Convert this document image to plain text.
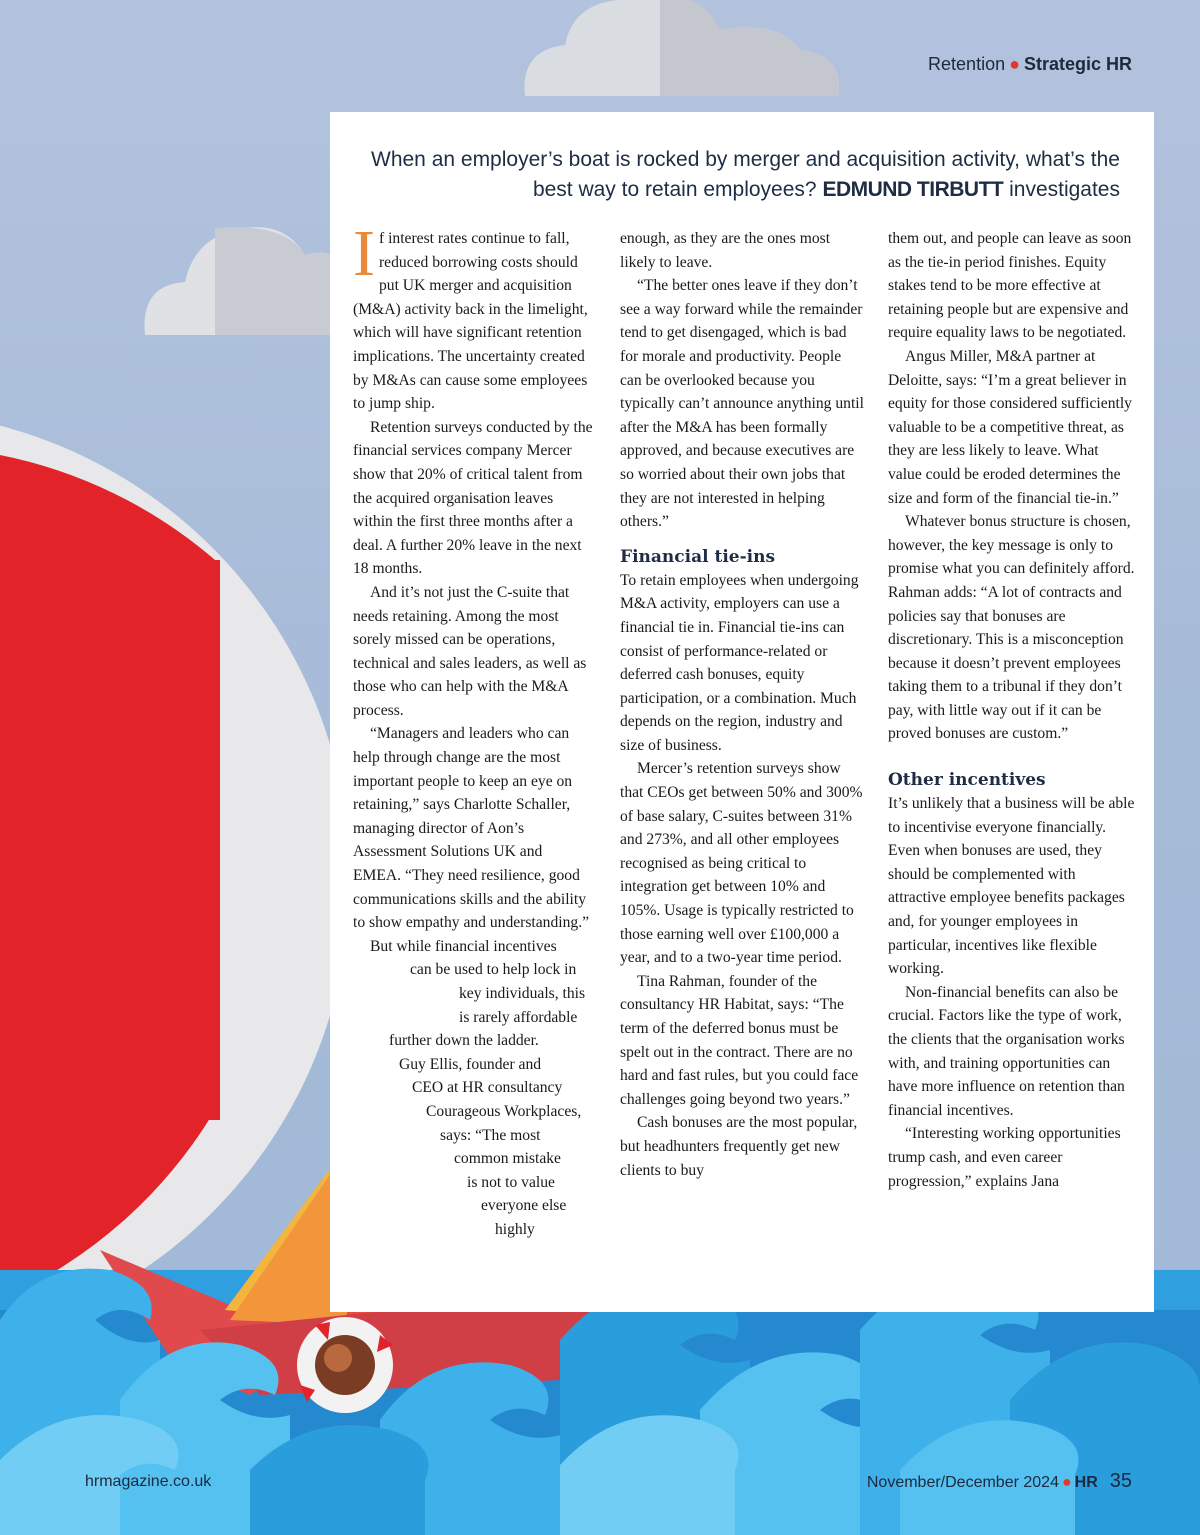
Retention ● Strategic HR
When an employer’s boat is rocked by merger and acquisition activity, what’s the best way to retain employees? EDMUND TIRBUTT investigates

If interest rates continue to fall, reduced borrowing costs should put UK merger and acquisition (M&A) activity back in the limelight, which will have significant retention implications. The uncertainty created by M&As can cause some employees to jump ship.

Retention surveys conducted by the financial services company Mercer show that 20% of critical talent from the acquired organisation leaves within the first three months after a deal. A further 20% leave in the next 18 months.

And it’s not just the C-suite that needs retaining. Among the most sorely missed can be operations, technical and sales leaders, as well as those who can help with the M&A process.

“Managers and leaders who can help through change are the most important people to keep an eye on retaining,” says Charlotte Schaller, managing director of Aon’s Assessment Solutions UK and EMEA. “They need resilience, good communications skills and the ability to show empathy and understanding.”

But while financial incentives
can be used to help lock in
key individuals, this
is rarely affordable
further down the ladder.
Guy Ellis, founder and
CEO at HR consultancy
Courageous Workplaces,
says: “The most
common mistake
is not to value
everyone else
highly

enough, as they are the ones most likely to leave.

“The better ones leave if they don’t see a way forward while the remainder tend to get disengaged, which is bad for morale and productivity. People can be overlooked because you typically can’t announce anything until after the M&A has been formally approved, and because executives are so worried about their own jobs that they are not interested in helping others.”

Financial tie-ins

To retain employees when undergoing M&A activity, employers can use a financial tie in. Financial tie-ins can consist of performance-related or deferred cash bonuses, equity participation, or a combination. Much depends on the region, industry and size of business.

Mercer’s retention surveys show that CEOs get between 50% and 300% of base salary, C-suites between 31% and 273%, and all other employees recognised as being critical to integration get between 10% and 105%. Usage is typically restricted to those earning well over £100,000 a year, and to a two-year time period.

Tina Rahman, founder of the consultancy HR Habitat, says: “The term of the deferred bonus must be spelt out in the contract. There are no hard and fast rules, but you could face challenges going beyond two years.”

Cash bonuses are the most popular, but headhunters frequently get new clients to buy

them out, and people can leave as soon as the tie-in period finishes. Equity stakes tend to be more effective at retaining people but are expensive and require equality laws to be negotiated.

Angus Miller, M&A partner at Deloitte, says: “I’m a great believer in equity for those considered sufficiently valuable to be a competitive threat, as they are less likely to leave. What value could be eroded determines the size and form of the financial tie-in.”

Whatever bonus structure is chosen, however, the key message is only to promise what you can definitely afford. Rahman adds: “A lot of contracts and policies say that bonuses are discretionary. This is a misconception because it doesn’t prevent employees taking them to a tribunal if they don’t pay, with little way out if it can be proved bonuses are custom.”

Other incentives

It’s unlikely that a business will be able to incentivise everyone financially. Even when bonuses are used, they should be complemented with attractive employee benefits packages and, for younger employees in particular, incentives like flexible working.

Non-financial benefits can also be crucial. Factors like the type of work, the clients that the organisation works with, and training opportunities can have more influence on retention than financial incentives.

“Interesting working opportunities trump cash, and even career progression,” explains Jana

hrmagazine.co.uk	November/December 2024 ● HR 35
